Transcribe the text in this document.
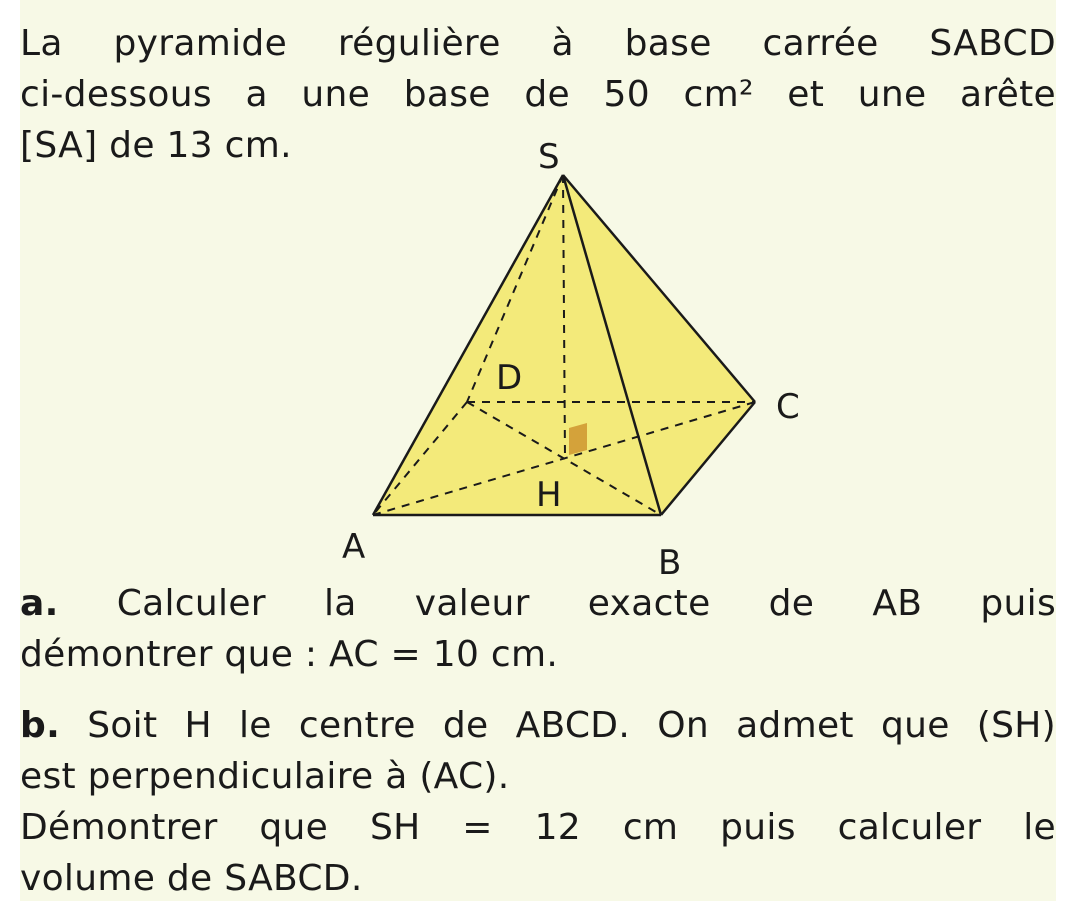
La pyramide régulière à base carrée SABCD
ci-dessous a une base de 50 cm² et une arête
[SA] de 13 cm.	S
A	B
C
D
H
a. Calculer la valeur exacte de AB puis
démontrer que : AC = 10 cm.
b. Soit H le centre de ABCD. On admet que (SH)
est perpendiculaire à (AC).
Démontrer que SH = 12 cm puis calculer le
volume de SABCD.
